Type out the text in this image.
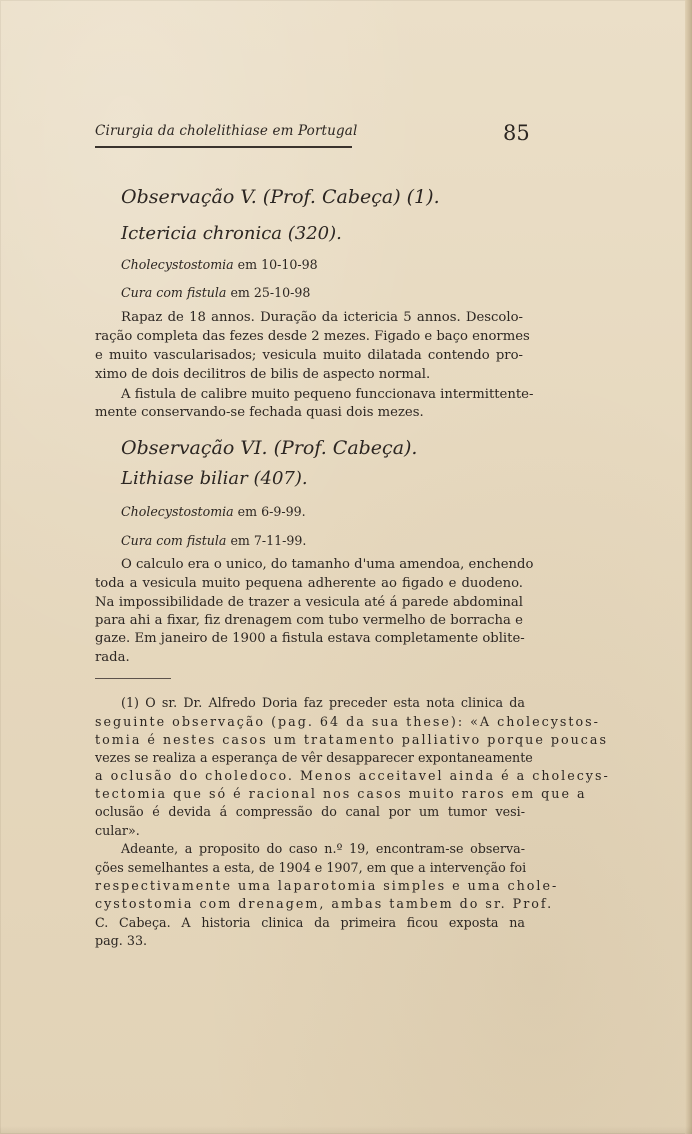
Cirurgia da cholelithiase em Portugal	85
Observação V. (Prof. Cabeça) (1).
Ictericia chronica (320).
Cholecystostomia em 10-10-98
Cura com fistula em 25-10-98
Rapaz de 18 annos. Duração da ictericia 5 annos. Descolo-
ração completa das fezes desde 2 mezes. Figado e baço enormes
e muito vascularisados; vesicula muito dilatada contendo pro-
ximo de dois decilitros de bilis de aspecto normal.
A fistula de calibre muito pequeno funccionava intermittente-
mente conservando-se fechada quasi dois mezes.
Observação VI. (Prof. Cabeça).
Lithiase biliar (407).
Cholecystostomia em 6-9-99.
Cura com fistula em 7-11-99.
O calculo era o unico, do tamanho d'uma amendoa, enchendo
toda a vesicula muito pequena adherente ao figado e duodeno.
Na impossibilidade de trazer a vesicula até á parede abdominal
para ahi a fixar, fiz drenagem com tubo vermelho de borracha e
gaze. Em janeiro de 1900 a fistula estava completamente oblite-
rada.
(1) O sr. Dr. Alfredo Doria faz preceder esta nota clinica da
seguinte observação (pag. 64 da sua these): «A cholecystos-
tomia é nestes casos um tratamento palliativo porque poucas
vezes se realiza a esperança de vêr desapparecer expontaneamente
a oclusão do choledoco. Menos acceitavel ainda é a cholecys-
tectomia que só é racional nos casos muito raros em que a
oclusão é devida á compressão do canal por um tumor vesi-
cular».
Adeante, a proposito do caso n.º 19, encontram-se observa-
ções semelhantes a esta, de 1904 e 1907, em que a intervenção foi
respectivamente uma laparotomia simples e uma chole-
cystostomia com drenagem, ambas tambem do sr. Prof.
C. Cabeça. A historia clinica da primeira ficou exposta na
pag. 33.
